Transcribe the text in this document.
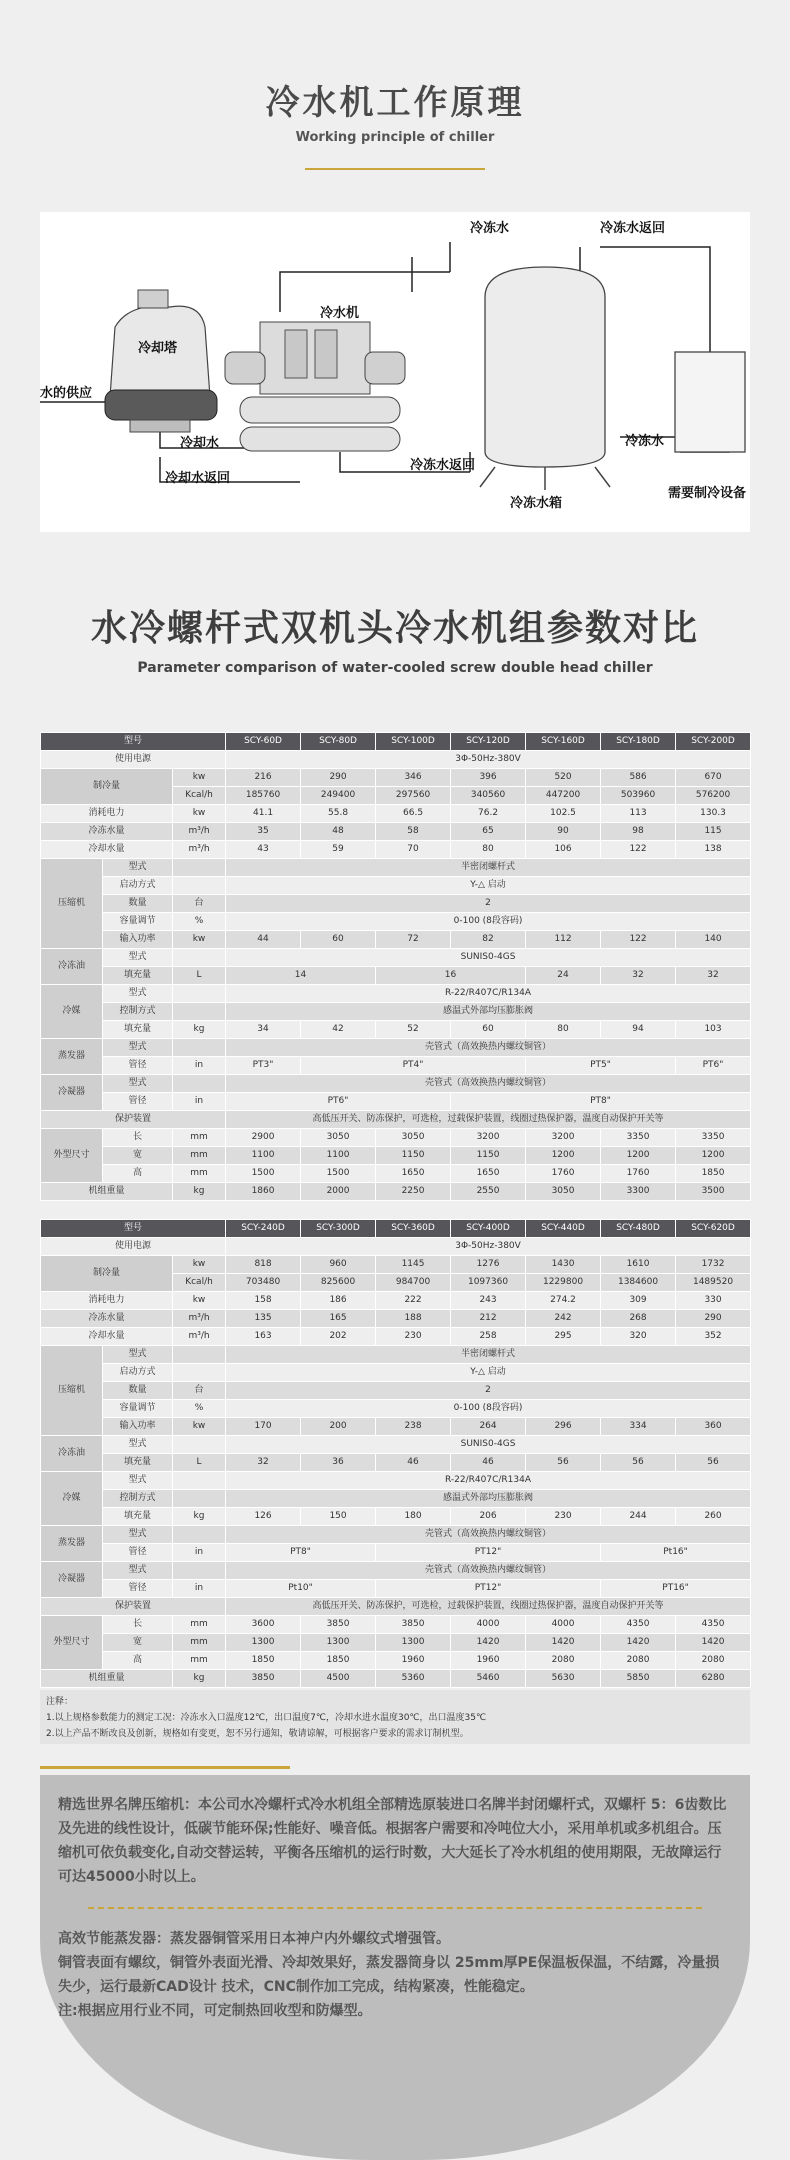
冷水机工作原理
Working principle of chiller
冷却塔
水的供应
冷水机
冷却水
冷却水返回
冷冻水返回
冷冻水返回
冷冻水
冷冻水
冷冻水箱
需要制冷设备
水冷螺杆式双机头冷水机组参数对比
Parameter comparison of water-cooled screw double head chiller
型号			SCY-60D	SCY-80D	SCY-100D	SCY-120D	SCY-160D	SCY-180D	SCY-200D
使用电源			3Φ-50Hz-380V						
制冷量		kw	216	290	346	396	520	586	670
		Kcal/h	185760	249400	297560	340560	447200	503960	576200
消耗电力		kw	41.1	55.8	66.5	76.2	102.5	113	130.3
冷冻水量		m³/h	35	48	58	65	90	98	115
冷却水量		m³/h	43	59	70	80	106	122	138
压缩机	型式		半密闭螺杆式						
	启动方式		Y-△ 启动						
	数量	台	2						
	容量调节	%	0-100 (8段容码)						
	输入功率	kw	44	60	72	82	112	122	140
冷冻油	型式		SUNIS0-4GS						
	填充量	L	14		16		24	32	32
冷媒	型式		R-22/R407C/R134A						
	控制方式		感温式外部均压膨胀阀						
	填充量	kg	34	42	52	60	80	94	103
蒸发器	型式		壳管式（高效换热内螺纹铜管）						
	管径	in	PT3"	PT4"			PT5"		PT6"
冷凝器	型式		壳管式（高效换热内螺纹铜管）						
	管径	in	PT6"			PT8"			
保护装置			高低压开关、防冻保护，可选检，过载保护装置，线圈过热保护器，温度自动保护开关等						
外型尺寸	长	mm	2900	3050	3050	3200	3200	3350	3350
	宽	mm	1100	1100	1150	1150	1200	1200	1200
	高	mm	1500	1500	1650	1650	1760	1760	1850
机组重量		kg	1860	2000	2250	2550	3050	3300	3500
型号			SCY-240D	SCY-300D	SCY-360D	SCY-400D	SCY-440D	SCY-480D	SCY-620D
使用电源			3Φ-50Hz-380V						
制冷量		kw	818	960	1145	1276	1430	1610	1732
		Kcal/h	703480	825600	984700	1097360	1229800	1384600	1489520
消耗电力		kw	158	186	222	243	274.2	309	330
冷冻水量		m³/h	135	165	188	212	242	268	290
冷却水量		m³/h	163	202	230	258	295	320	352
压缩机	型式		半密闭螺杆式						
	启动方式		Y-△ 启动						
	数量	台	2						
	容量调节	%	0-100 (8段容码)						
	输入功率	kw	170	200	238	264	296	334	360
冷冻油	型式		SUNIS0-4GS						
	填充量	L	32	36	46	46	56	56	56
冷媒	型式		R-22/R407C/R134A						
	控制方式		感温式外部均压膨胀阀						
	填充量	kg	126	150	180	206	230	244	260
蒸发器	型式		壳管式（高效换热内螺纹铜管）						
	管径	in	PT8"		PT12"			Pt16"	
冷凝器	型式		壳管式（高效换热内螺纹铜管）						
	管径	in	Pt10"		PT12"			PT16"	
保护装置			高低压开关、防冻保护，可选检，过载保护装置，线圈过热保护器，温度自动保护开关等						
外型尺寸	长	mm	3600	3850	3850	4000	4000	4350	4350
	宽	mm	1300	1300	1300	1420	1420	1420	1420
	高	mm	1850	1850	1960	1960	2080	2080	2080
机组重量		kg	3850	4500	5360	5460	5630	5850	6280
注释：
1.以上规格参数能力的测定工况：冷冻水入口温度12℃，出口温度7℃，冷却水进水温度30℃，出口温度35℃
2.以上产品不断改良及创新，规格如有变更，恕不另行通知，敬请谅解，可根据客户要求的需求订制机型。

精选世界名牌压缩机：本公司水冷螺杆式冷水机组全部精选原装进口名牌半封闭螺杆式，双螺杆 5：6齿数比及先进的线性设计，低碳节能环保;性能好、噪音低。根据客户需要和冷吨位大小，采用单机或多机组合。压缩机可依负载变化,自动交替运转，平衡各压缩机的运行时数，大大延长了冷水机组的使用期限，无故障运行可达45000小时以上。

高效节能蒸发器：蒸发器铜管采用日本神户内外螺纹式增强管。

铜管表面有螺纹，铜管外表面光滑、冷却效果好，蒸发器筒身以 25mm厚PE保温板保温，不结露，冷量损失少，运行最新CAD设计 技术，CNC制作加工完成，结构紧凑，性能稳定。

注:根据应用行业不同，可定制热回收型和防爆型。
